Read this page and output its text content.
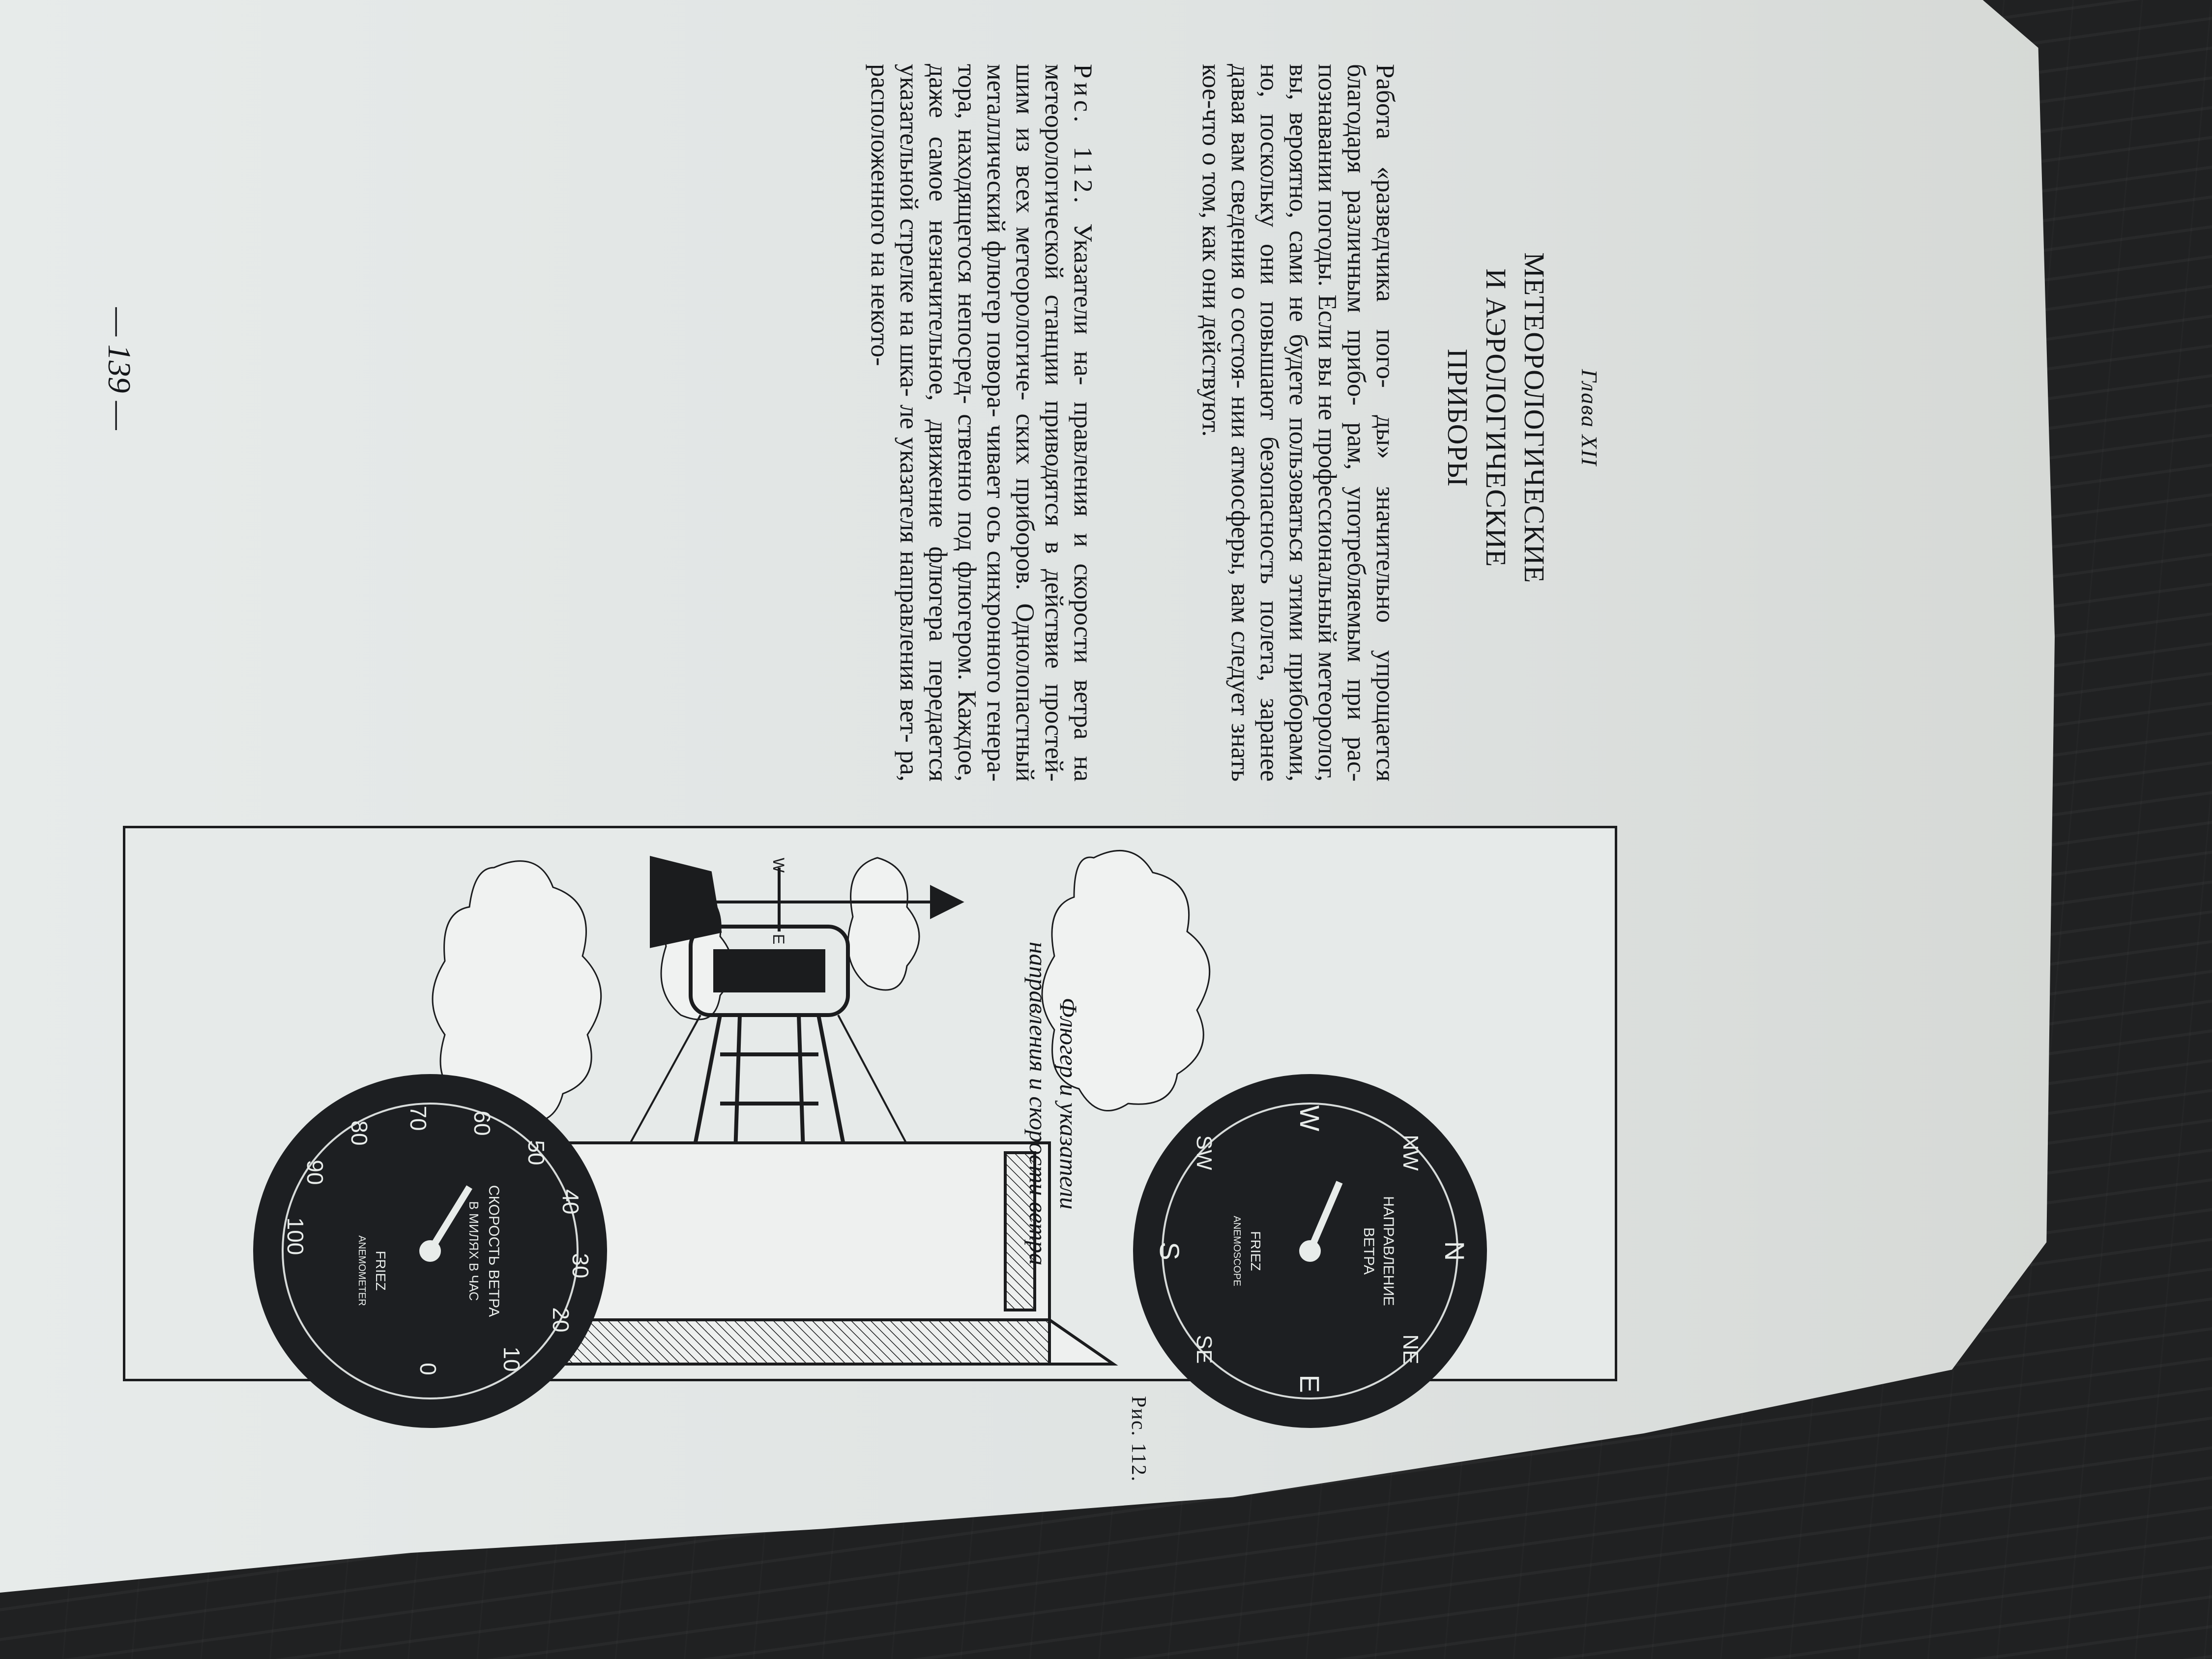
Глава XII
МЕТЕОРОЛОГИЧЕСКИЕ
И АЭРОЛОГИЧЕСКИЕ
ПРИБОРЫ

Работа «разведчика пого- ды» значительно упрощается благодаря различным прибо- рам, употребляемым при рас- познавании погоды. Если вы не профессиональный метеоролог, вы, вероятно, сами не будете пользоваться этими приборами, но, поскольку они повышают безопасность полета, заранее давая вам сведения о состоя- нии атмосферы, вам следует знать кое-что о том, как они действуют.

Рис. 112. Указатели на- правления и скорости ветра на метеорологической станции приводятся в действие простей- шим из всех метеорологиче- ских приборов. Однолопастный металлический флюгер повора- чивает ось синхронного генера- тора, находящегося непосред- ственно под флюгером. Каждое, даже самое незначительное, движение флюгера передается указательной стрелке на шка- ле указателя направления вет- ра, расположенного на некото-

W
E
N
NE
E
SE
S
SW
W
NW
НАПРАВЛЕНИЕ
ВЕТРА
FRIEZ
ANEMOSCOPE
0	10
20
30
40
50
60
70
80
90
100	СКОРОСТЬ ВЕТРА
В МИЛЯХ В ЧАС
FRIEZ
ANEMOMETER
Флюгер и указатели
направления и скорости ветра
Рис. 112.
— 139 —
